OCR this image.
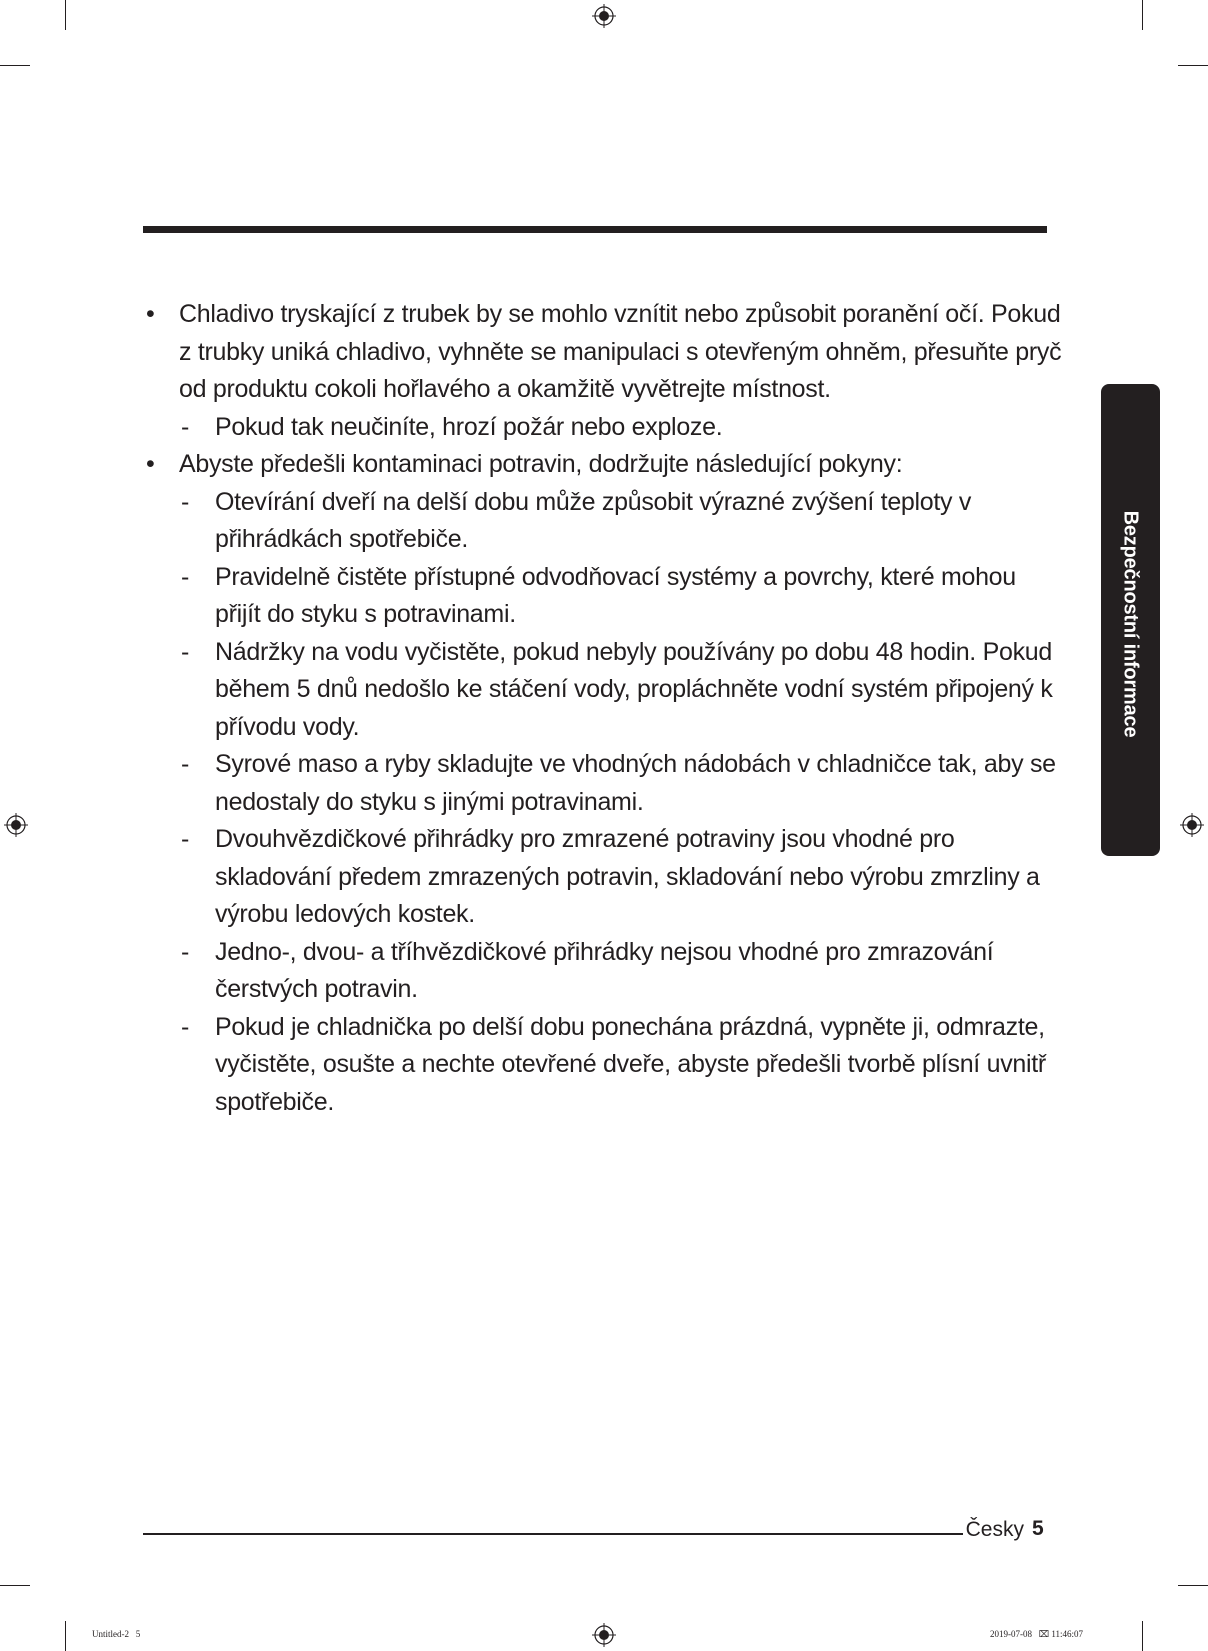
Bezpečnostní informace
• Chladivo tryskající z trubek by se mohlo vznítit nebo způsobit poranění očí. Pokud z trubky uniká chladivo, vyhněte se manipulaci s otevřeným ohněm, přesuňte pryč od produktu cokoli hořlavého a okamžitě vyvětrejte místnost.
- Pokud tak neučiníte, hrozí požár nebo exploze.
• Abyste předešli kontaminaci potravin, dodržujte následující pokyny:
- Otevírání dveří na delší dobu může způsobit výrazné zvýšení teploty v přihrádkách spotřebiče.
- Pravidelně čistěte přístupné odvodňovací systémy a povrchy, které mohou přijít do styku s potravinami.
- Nádržky na vodu vyčistěte, pokud nebyly používány po dobu 48 hodin. Pokud během 5 dnů nedošlo ke stáčení vody, propláchněte vodní systém připojený k přívodu vody.
- Syrové maso a ryby skladujte ve vhodných nádobách v chladničce tak, aby se nedostaly do styku s jinými potravinami.
- Dvouhvězdičkové přihrádky pro zmrazené potraviny jsou vhodné pro skladování předem zmrazených potravin, skladování nebo výrobu zmrzliny a výrobu ledových kostek.
- Jedno-, dvou- a tříhvězdičkové přihrádky nejsou vhodné pro zmrazování čerstvých potravin.
- Pokud je chladnička po delší dobu ponechána prázdná, vypněte ji, odmrazte, vyčistěte, osušte a nechte otevřené dveře, abyste předešli tvorbě plísní uvnitř spotřebiče.
Česky 5
Untitled-2   5	2019-07-08   ⌧ 11:46:07
